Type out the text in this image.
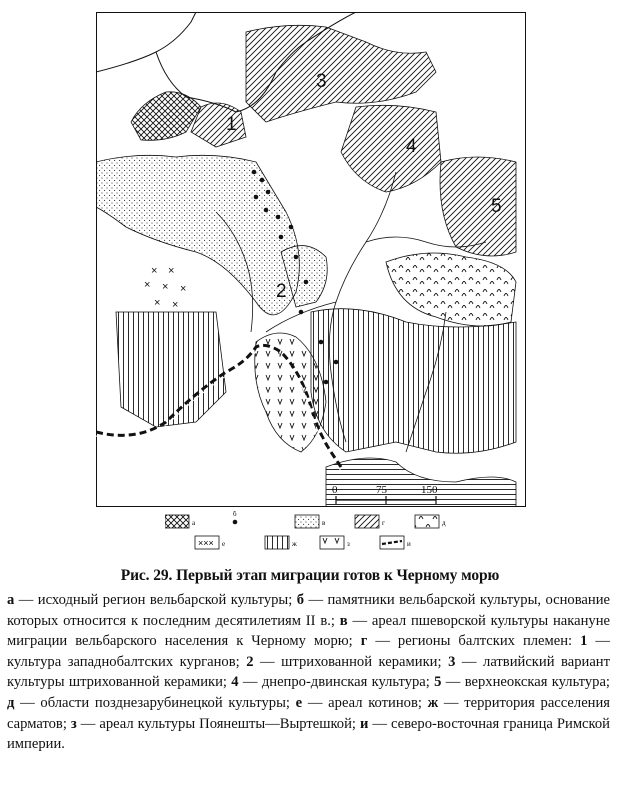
× ×
× × ×
× ×
1
2
3
4
5
0	75	150
а
б
в	г	д
××× е	ж	з	и
Рис. 29. Первый этап миграции готов к Черному морю

а — исходный регион вельбарской культуры; б — памятники вельбарской культуры, основание которых относится к последним десятилетиям II в.; в — ареал пшеворской культуры накануне миграции вельбарского населения к Черному морю; г — регионы балтских племен: 1 — культура западнобалтских курганов; 2 — штрихованной керамики; 3 — латвийский вариант культуры штрихованной керамики; 4 — днепро-двинская культура; 5 — верхнеокская культура; д — области позднезарубинецкой культуры; е — ареал котинов; ж — территория расселения сарматов; з — ареал культуры Поянешты—Выртешкой; и — северо-восточная граница Римской империи.
